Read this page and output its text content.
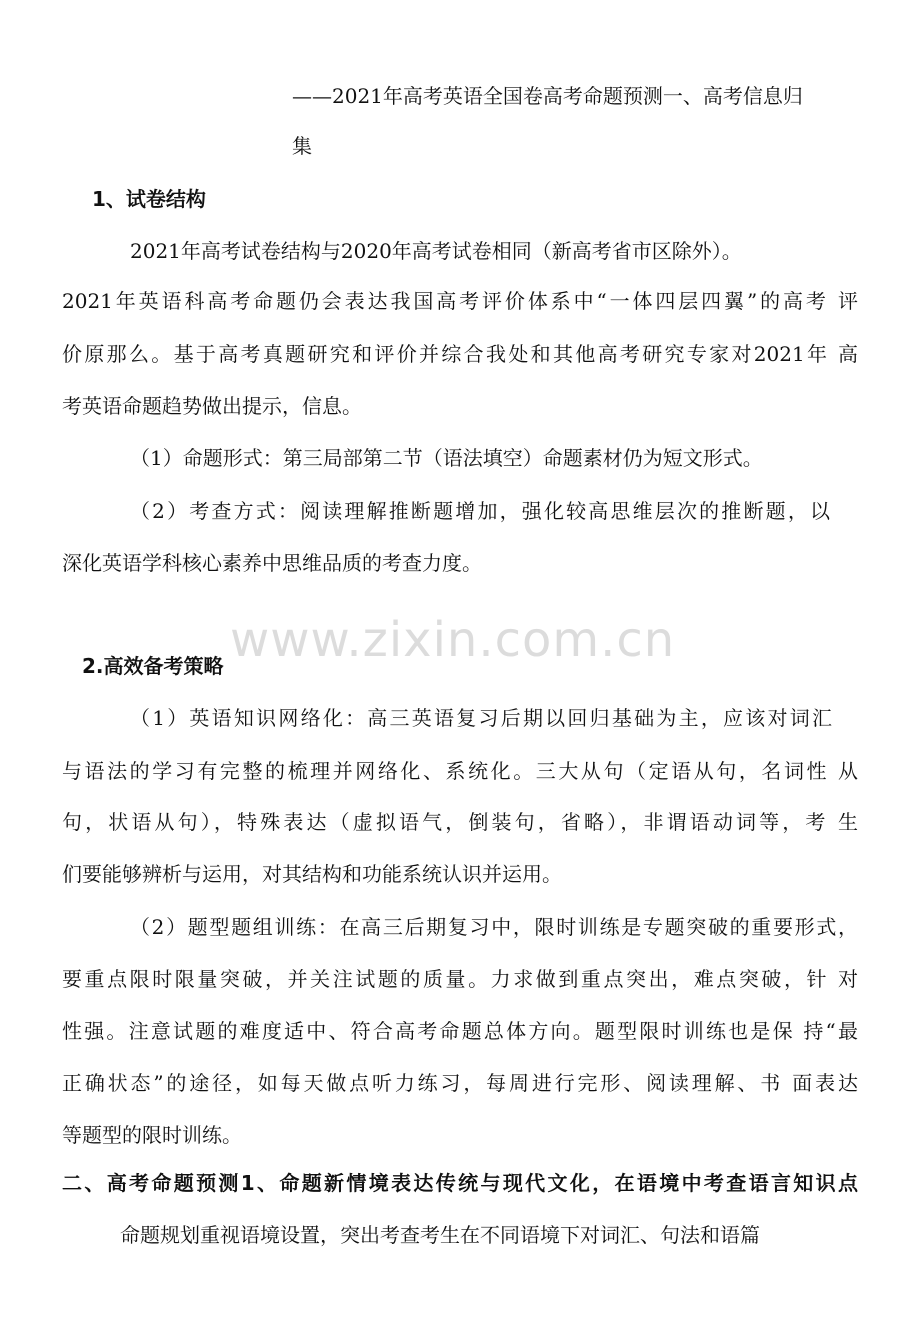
——2021年高考英语全国卷高考命题预测一、高考信息归
集
1、试卷结构
2021年高考试卷结构与2020年高考试卷相同（新高考省市区除外）。
2021年英语科高考命题仍会表达我国高考评价体系中“一体四层四翼”的高考 评
价原那么。基于高考真题研究和评价并综合我处和其他高考研究专家对2021年 高
考英语命题趋势做出提示，信息。
（1）命题形式：第三局部第二节（语法填空）命题素材仍为短文形式。
（2）考查方式：阅读理解推断题增加，强化较高思维层次的推断题，以
深化英语学科核心素养中思维品质的考查力度。
www.zixin.com.cn
2.高效备考策略
（1）英语知识网络化：高三英语复习后期以回归基础为主，应该对词汇
与语法的学习有完整的梳理并网络化、系统化。三大从句（定语从句，名词性 从
句，状语从句），特殊表达（虚拟语气，倒装句，省略），非谓语动词等，考 生
们要能够辨析与运用，对其结构和功能系统认识并运用。
（2）题型题组训练：在高三后期复习中，限时训练是专题突破的重要形式，
要重点限时限量突破，并关注试题的质量。力求做到重点突出，难点突破，针 对
性强。注意试题的难度适中、符合高考命题总体方向。题型限时训练也是保 持“最
正确状态”的途径，如每天做点听力练习，每周进行完形、阅读理解、书 面表达
等题型的限时训练。
二、高考命题预测1、命题新情境表达传统与现代文化，在语境中考查语言知识点
命题规划重视语境设置，突出考查考生在不同语境下对词汇、句法和语篇
